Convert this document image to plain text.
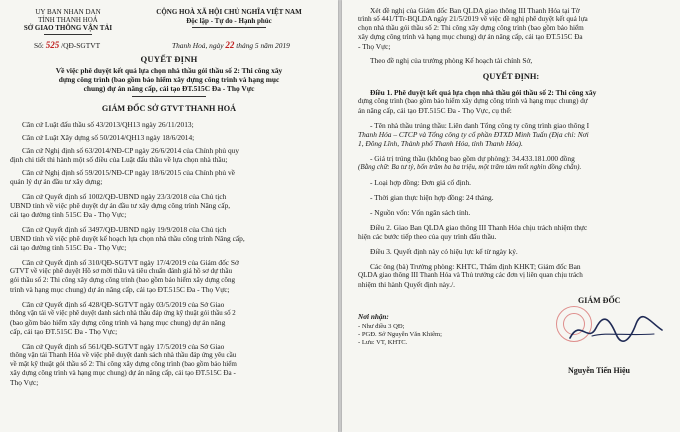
UY BAN NHAN DAN
TỈNH THANH HOÁ
SỞ GIAO THÔNG VẬN TẢI
CỘNG HOÀ XÃ HỘI CHỦ NGHĨA VIỆT NAM
Độc lập - Tự do - Hạnh phúc
Số: 525 /QĐ-SGTVT	Thanh Hoá, ngày 22 tháng 5 năm 2019
QUYẾT ĐỊNH
Về việc phê duyệt kết quả lựa chọn nhà thầu gói thầu số 2: Thi công xây
dựng công trình (bao gồm bảo hiểm xây dựng công trình và hạng mục
chung) dự án nâng cấp, cải tạo ĐT.515C Đa - Thọ Vực
GIÁM ĐỐC SỞ GTVT THANH HOÁ
Căn cứ Luật đấu thầu số 43/2013/QH13 ngày 26/11/2013;
Căn cứ Luật Xây dựng số 50/2014/QH13 ngày 18/6/2014;
Căn cứ Nghị định số 63/2014/NĐ-CP ngày 26/6/2014 của Chính phủ quy
định chi tiết thi hành một số điều của Luật đấu thầu về lựa chọn nhà thầu;
Căn cứ Nghị định số 59/2015/NĐ-CP ngày 18/6/2015 của Chính phủ về
quản lý dự án đầu tư xây dựng;
Căn cứ Quyết định số 1002/QĐ-UBND ngày 23/3/2018 của Chủ tịch
UBND tỉnh về việc phê duyệt dự án đầu tư xây dựng công trình Nâng cấp,
cải tạo đường tỉnh 515C Đa - Thọ Vực;
Căn cứ Quyết định số 3497/QĐ-UBND ngày 19/9/2018 của Chủ tịch
UBND tỉnh về việc phê duyệt kế hoạch lựa chọn nhà thầu công trình Nâng cấp,
cải tạo đường tỉnh 515C Đa - Thọ Vực;
Căn cứ Quyết định số 310/QĐ-SGTVT ngày 17/4/2019 của Giám đốc Sở
GTVT về việc phê duyệt Hồ sơ mời thầu và tiêu chuẩn đánh giá hồ sơ dự thầu
gói thầu số 2: Thi công xây dựng công trình (bao gồm bảo hiểm xây dựng công
trình và hạng mục chung) dự án nâng cấp, cải tạo ĐT.515C Đa - Thọ Vực;
Căn cứ Quyết định số 428/QĐ-SGTVT ngày 03/5/2019 của Sở Giao
thông vận tải về việc phê duyệt danh sách nhà thầu đáp ứng kỹ thuật gói thầu số 2
(bao gồm bảo hiểm xây dựng công trình và hạng mục chung) dự án nâng
cấp, cải tạo ĐT.515C Đa - Thọ Vực;
Căn cứ Quyết định số 561/QĐ-SGTVT ngày 17/5/2019 của Sở Giao
thông vận tải Thanh Hóa về việc phê duyệt danh sách nhà thầu đáp ứng yêu cầu
về mặt kỹ thuật gói thầu số 2: Thi công xây dựng công trình (bao gồm bảo hiểm
xây dựng công trình và hạng mục chung) dự án nâng cấp, cải tạo ĐT.515C Đa -
Thọ Vực;
Xét đề nghị của Giám đốc Ban QLDA giao thông III Thanh Hóa tại Tờ
trình số 441/TTr-BQLDA ngày 21/5/2019 về việc đề nghị phê duyệt kết quả lựa
chọn nhà thầu gói thầu số 2: Thi công xây dựng công trình (bao gồm bảo hiểm
xây dựng công trình và hạng mục chung) dự án nâng cấp, cải tạo ĐT.515C Đa
- Thọ Vực;
Theo đề nghị của trưởng phòng Kế hoạch tài chính Sở,
QUYẾT ĐỊNH:
Điều 1. Phê duyệt kết quả lựa chọn nhà thầu gói thầu số 2: Thi công xây
dựng công trình (bao gồm bảo hiểm xây dựng công trình và hạng mục chung) dự
án nâng cấp, cải tạo ĐT.515C Đa - Thọ Vực, cụ thể:
- Tên nhà thầu trúng thầu: Liên danh Tổng công ty công trình giao thông I
Thanh Hóa – CTCP và Tổng công ty cổ phần ĐTXD Minh Tuấn (Địa chỉ: Nơi
1, Đông Lĩnh, Thành phố Thanh Hóa, tỉnh Thanh Hóa).
- Giá trị trúng thầu (không bao gồm dự phòng): 34.433.181.000 đồng
(Bằng chữ: Ba tư tỷ, bốn trăm ba ba triệu, một trăm tám mốt nghìn đồng chẵn).
- Loại hợp đồng: Đơn giá cố định.
- Thời gian thực hiện hợp đồng: 24 tháng.
- Nguồn vốn: Vốn ngân sách tỉnh.
Điều 2. Giao Ban QLDA giao thông III Thanh Hóa chịu trách nhiệm thực
hiện các bước tiếp theo của quy trình đấu thầu.
Điều 3. Quyết định này có hiệu lực kể từ ngày ký.
Các ông (bà) Trưởng phòng: KHTC, Thẩm định KHKT; Giám đốc Ban
QLDA giao thông III Thanh Hóa và Thủ trưởng các đơn vị liên quan chịu trách
nhiệm thi hành Quyết định này./.
GIÁM ĐỐC
Nơi nhận:
- Như điều 3 QĐ;
- PGĐ. Sở Nguyễn Văn Khiêm;
- Lưu: VT, KHTC.
Nguyễn Tiến Hiệu
